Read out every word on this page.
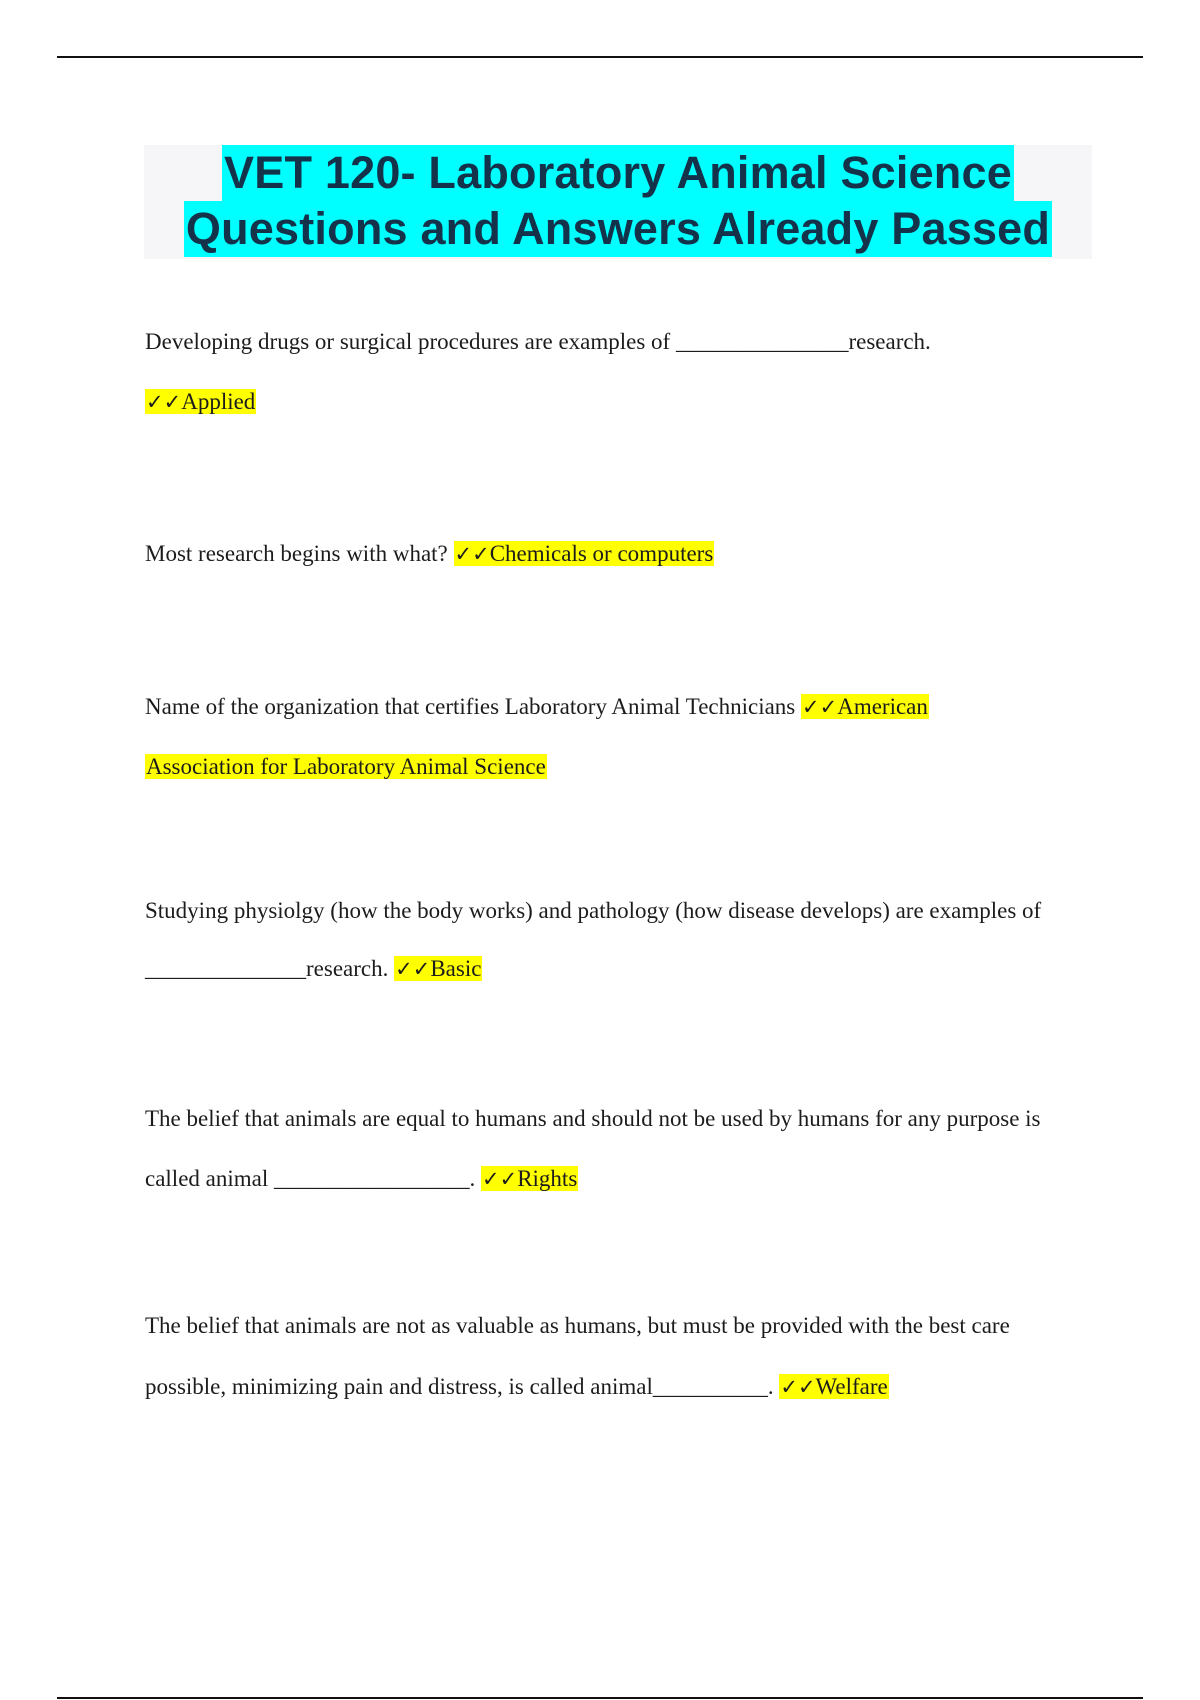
VET 120- Laboratory Animal Science
Questions and Answers Already Passed
Developing drugs or surgical procedures are examples of _______________research.
✓✓Applied
Most research begins with what? ✓✓Chemicals or computers
Name of the organization that certifies Laboratory Animal Technicians ✓✓American
Association for Laboratory Animal Science
Studying physiolgy (how the body works) and pathology (how disease develops) are examples of
______________research. ✓✓Basic
The belief that animals are equal to humans and should not be used by humans for any purpose is
called animal _________________. ✓✓Rights
The belief that animals are not as valuable as humans, but must be provided with the best care
possible, minimizing pain and distress, is called animal__________. ✓✓Welfare
